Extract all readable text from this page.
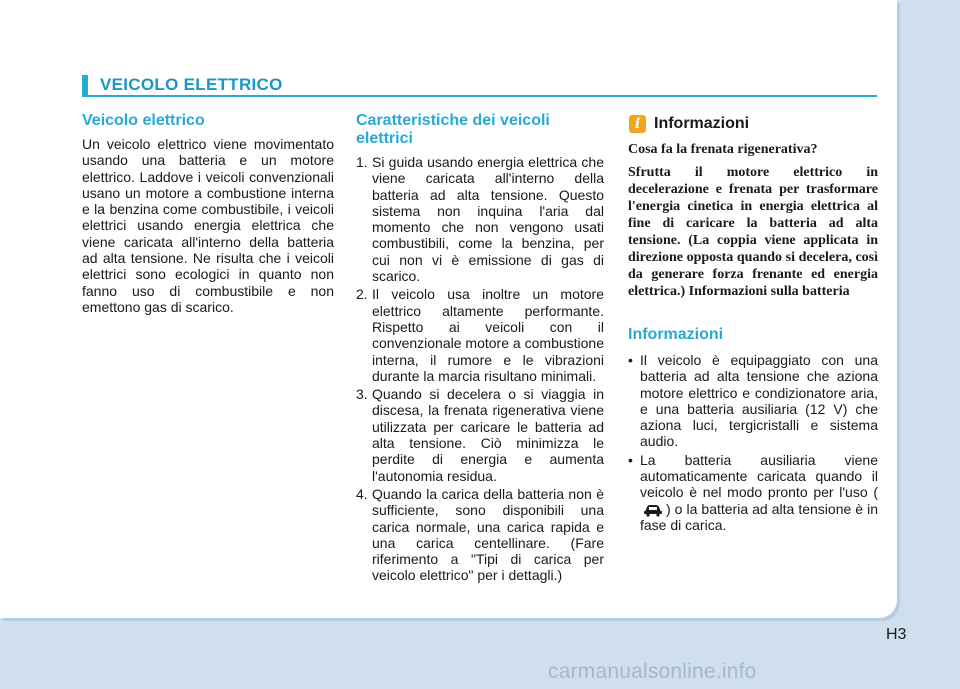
VEICOLO ELETTRICO
Veicolo elettrico

Un veicolo elettrico viene movimentato usando una batteria e un motore elettrico. Laddove i veicoli convenzionali usano un motore a combustione interna e la benzina come combustibile, i veicoli elettrici usando energia elettrica che viene caricata all'interno della batteria ad alta tensione. Ne risulta che i veicoli elettrici sono ecologici in quanto non fanno uso di combustibile e non emettono gas di scarico.

Caratteristiche dei veicoli elettrici
1. Si guida usando energia elettrica che viene caricata all'interno della batteria ad alta tensione. Questo sistema non inquina l'aria dal momento che non vengono usati combustibili, come la benzina, per cui non vi è emissione di gas di scarico.
2. Il veicolo usa inoltre un motore elettrico altamente performante. Rispetto ai veicoli con il convenzionale motore a combustione interna, il rumore e le vibrazioni durante la marcia risultano minimali.
3. Quando si decelera o si viaggia in discesa, la frenata rigenerativa viene utilizzata per caricare le batteria ad alta tensione. Ciò minimizza le perdite di energia e aumenta l'autonomia residua.
4. Quando la carica della batteria non è sufficiente, sono disponibili una carica normale, una carica rapida e una carica centellinare. (Fare riferimento a "Tipi di carica per veicolo elettrico" per i dettagli.)
i Informazioni

Cosa fa la frenata rigenerativa?

Sfrutta il motore elettrico in decelerazione e frenata per trasformare l'energia cinetica in energia elettrica al fine di caricare la batteria ad alta tensione. (La coppia viene applicata in direzione opposta quando si decelera, così da generare forza frenante ed energia elettrica.) Informazioni sulla batteria

Informazioni
• Il veicolo è equipaggiato con una batteria ad alta tensione che aziona motore elettrico e condizionatore aria, e una batteria ausiliaria (12 V) che aziona luci, tergicristalli e sistema audio.
• La batteria ausiliaria viene automaticamente caricata quando il veicolo è nel modo pronto per l'uso () o la batteria ad alta tensione è in fase di carica.
H3
carmanualsonline.info
